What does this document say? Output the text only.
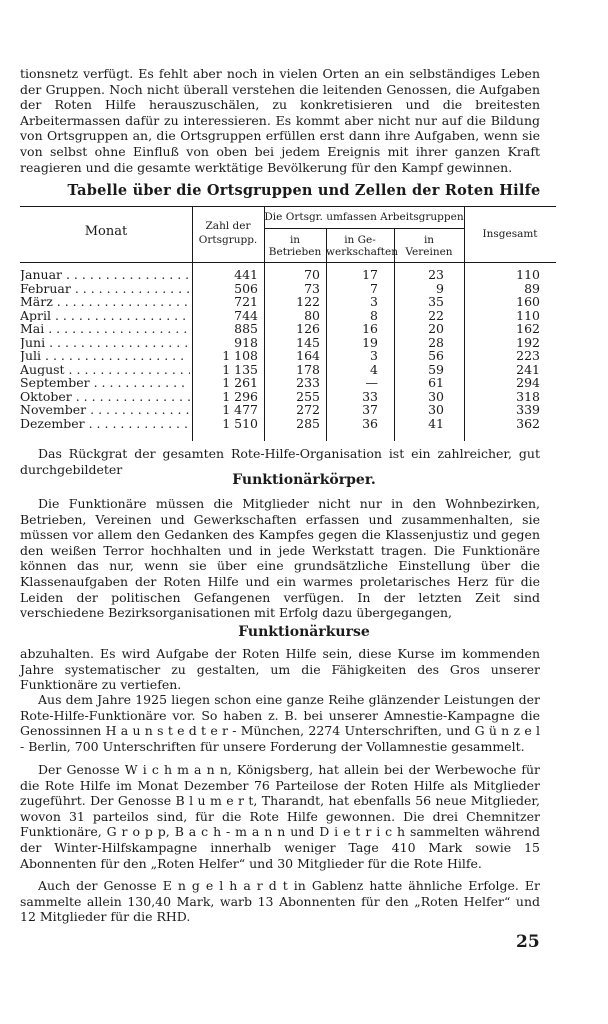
tionsnetz verfügt. Es fehlt aber noch in vielen Orten an ein selbständiges Leben der Gruppen. Noch nicht überall verstehen die leitenden Genossen, die Aufgaben der Roten Hilfe herauszuschälen, zu konkretisieren und die breitesten Arbeitermassen dafür zu interessieren. Es kommt aber nicht nur auf die Bildung von Ortsgruppen an, die Ortsgruppen erfüllen erst dann ihre Aufgaben, wenn sie von selbst ohne Einfluß von oben bei jedem Ereignis mit ihrer ganzen Kraft reagieren und die gesamte werktätige Bevölkerung für den Kampf gewinnen.

Tabelle über die Ortsgruppen und Zellen der Roten Hilfe
Monat	Zahl der
Ortsgrupp.
Die Ortsgr. umfassen Arbeitsgruppen
in
Betrieben
in Ge-
werkschaften
in
Vereinen
Insgesamt
Januar . . .	441	70	17	23	110
Februar . . .	506	73	7	9	89
März . . .	721	122	3	35	160
April . . .	744	80	8	22	110
Mai . . .	885	126	16	20	162
Juni . . .	918	145	19	28	192
Juli . . .	1 108	164	3	56	223
August . . .	1 135	178	4	59	241
September . . .	1 261	233	—	61	294
Oktober . . .	1 296	255	33	30	318
November . . .	1 477	272	37	30	339
Dezember . . .	1 510	285	36	41	362

Das Rückgrat der gesamten Rote-Hilfe-Organisation ist ein zahlreicher, gut durchgebildeter

Funktionärkörper.

Die Funktionäre müssen die Mitglieder nicht nur in den Wohnbezirken, Betrieben, Vereinen und Gewerkschaften erfassen und zusammenhalten, sie müssen vor allem den Gedanken des Kampfes gegen die Klassenjustiz und gegen den weißen Terror hochhalten und in jede Werkstatt tragen. Die Funktionäre können das nur, wenn sie über eine grundsätzliche Einstellung über die Klassenaufgaben der Roten Hilfe und ein warmes proletarisches Herz für die Leiden der politischen Gefangenen verfügen. In der letzten Zeit sind verschiedene Bezirksorganisationen mit Erfolg dazu übergegangen,

Funktionärkurse

abzuhalten. Es wird Aufgabe der Roten Hilfe sein, diese Kurse im kommenden Jahre systematischer zu gestalten, um die Fähigkeiten des Gros unserer Funktionäre zu vertiefen.

Aus dem Jahre 1925 liegen schon eine ganze Reihe glänzender Leistungen der Rote-Hilfe-Funktionäre vor. So haben z. B. bei unserer Amnestie-Kampagne die Genossinnen H a u n s t e d t e r - München, 2274 Unterschriften, und G ü n z e l - Berlin, 700 Unterschriften für unsere Forderung der Vollamnestie gesammelt.

Der Genosse W i c h m a n n, Königsberg, hat allein bei der Werbewoche für die Rote Hilfe im Monat Dezember 76 Parteilose der Roten Hilfe als Mitglieder zugeführt. Der Genosse B l u m e r t, Tharandt, hat ebenfalls 56 neue Mitglieder, wovon 31 parteilos sind, für die Rote Hilfe gewonnen. Die drei Chemnitzer Funktionäre, G r o p p, B a c h - m a n n und D i e t r i c h sammelten während der Winter-Hilfskampagne innerhalb weniger Tage 410 Mark sowie 15 Abonnenten für den „Roten Helfer“ und 30 Mitglieder für die Rote Hilfe.

Auch der Genosse E n g e l h a r d t in Gablenz hatte ähnliche Erfolge. Er sammelte allein 130,40 Mark, warb 13 Abonnenten für den „Roten Helfer“ und 12 Mitglieder für die RHD.

25
